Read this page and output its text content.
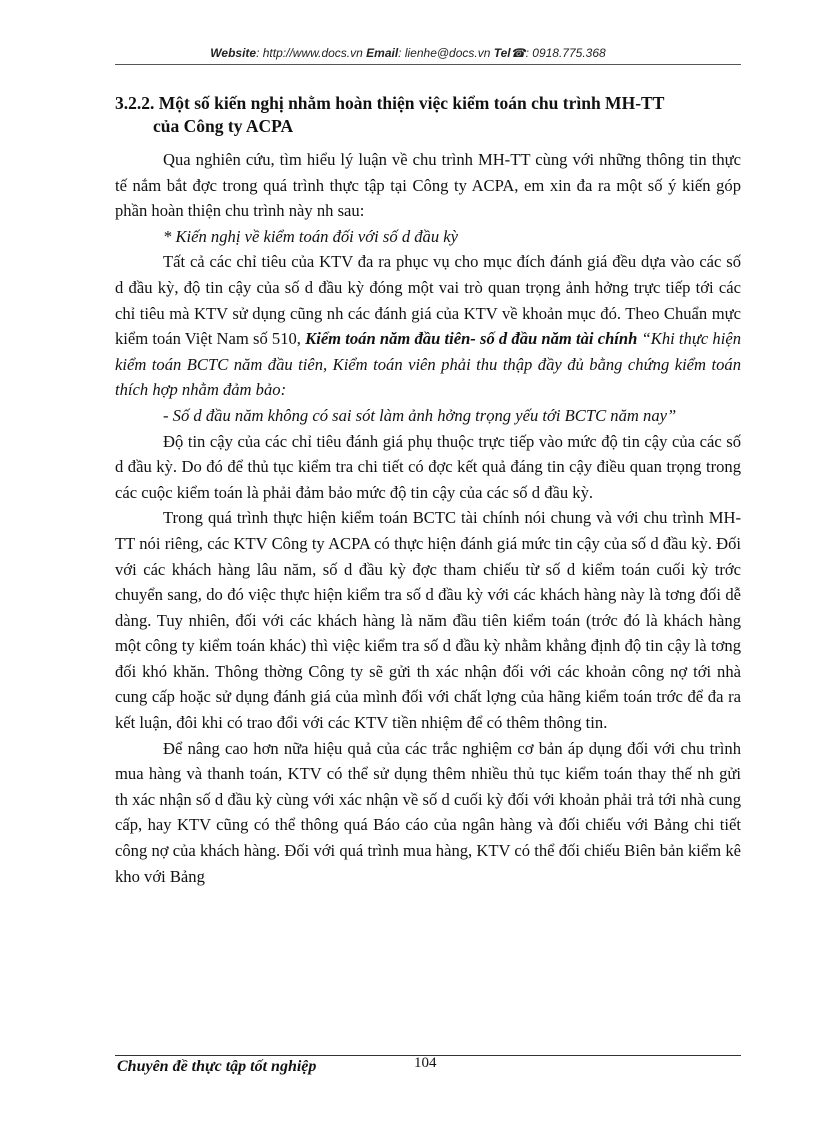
Website: http://www.docs.vn Email: lienhe@docs.vn Tel☎: 0918.775.368
3.2.2. Một số kiến nghị nhằm hoàn thiện việc kiểm toán chu trình MH-TT
của Công ty ACPA

Qua nghiên cứu, tìm hiểu lý luận về chu trình MH-TT cùng với những thông tin thực tế nắm bắt đợc trong quá trình thực tập tại Công ty ACPA, em xin đa ra một số ý kiến góp phần hoàn thiện chu trình này nh sau:

* Kiến nghị về kiểm toán đối với số d đầu kỳ

Tất cả các chỉ tiêu của KTV đa ra phục vụ cho mục đích đánh giá đều dựa vào các số d đầu kỳ, độ tin cậy của số d đầu kỳ đóng một vai trò quan trọng ảnh hởng trực tiếp tới các chỉ tiêu mà KTV sử dụng cũng nh các đánh giá của KTV về khoản mục đó. Theo Chuẩn mực kiểm toán Việt Nam số 510, Kiểm toán năm đầu tiên- số d đầu năm tài chính “Khi thực hiện kiểm toán BCTC năm đầu tiên, Kiểm toán viên phải thu thập đầy đủ bằng chứng kiểm toán thích hợp nhằm đảm bảo:

- Số d đầu năm không có sai sót làm ảnh hởng trọng yếu tới BCTC năm nay”

Độ tin cậy của các chỉ tiêu đánh giá phụ thuộc trực tiếp vào mức độ tin cậy của các số d đầu kỳ. Do đó để thủ tục kiểm tra chi tiết có đợc kết quả đáng tin cậy điều quan trọng trong các cuộc kiểm toán là phải đảm bảo mức độ tin cậy của các số d đầu kỳ.

Trong quá trình thực hiện kiểm toán BCTC tài chính nói chung và với chu trình MH-TT nói riêng, các KTV Công ty ACPA có thực hiện đánh giá mức tin cậy của số d đầu kỳ. Đối với các khách hàng lâu năm, số d đầu kỳ đợc tham chiếu từ số d kiểm toán cuối kỳ trớc chuyển sang, do đó việc thực hiện kiểm tra số d đầu kỳ với các khách hàng này là tơng đối dễ dàng. Tuy nhiên, đối với các khách hàng là năm đầu tiên kiểm toán (trớc đó là khách hàng một công ty kiểm toán khác) thì việc kiểm tra số d đầu kỳ nhằm khẳng định độ tin cậy là tơng đối khó khăn. Thông thờng Công ty sẽ gửi th xác nhận đối với các khoản công nợ tới nhà cung cấp hoặc sử dụng đánh giá của mình đối với chất lợng của hãng kiểm toán trớc để đa ra kết luận, đôi khi có trao đổi với các KTV tiền nhiệm để có thêm thông tin.

Để nâng cao hơn nữa hiệu quả của các trắc nghiệm cơ bản áp dụng đối với chu trình mua hàng và thanh toán, KTV có thể sử dụng thêm nhiều thủ tục kiểm toán thay thế nh gửi th xác nhận số d đầu kỳ cùng với xác nhận về số d cuối kỳ đối với khoản phải trả tới nhà cung cấp, hay KTV cũng có thể thông quá Báo cáo của ngân hàng và đối chiếu với Bảng chi tiết công nợ của khách hàng. Đối với quá trình mua hàng, KTV có thể đối chiếu Biên bản kiểm kê kho với Bảng

Chuyên đề thực tập tốt nghiệp	104
